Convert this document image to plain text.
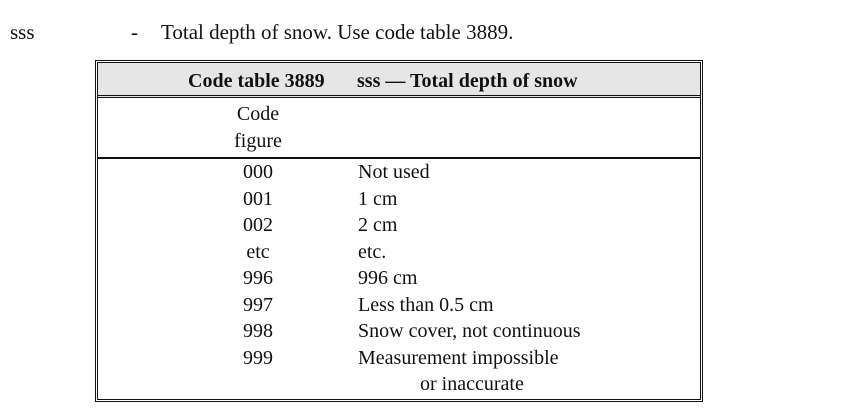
sss	- Total depth of snow. Use code table 3889.
Code table 3889 sss — Total depth of snow
Code
figure
000	Not used
001	1 cm
002	2 cm
etc	etc.
996	996 cm
997	Less than 0.5 cm
998	Snow cover, not continuous
999	Measurement impossible
or inaccurate
